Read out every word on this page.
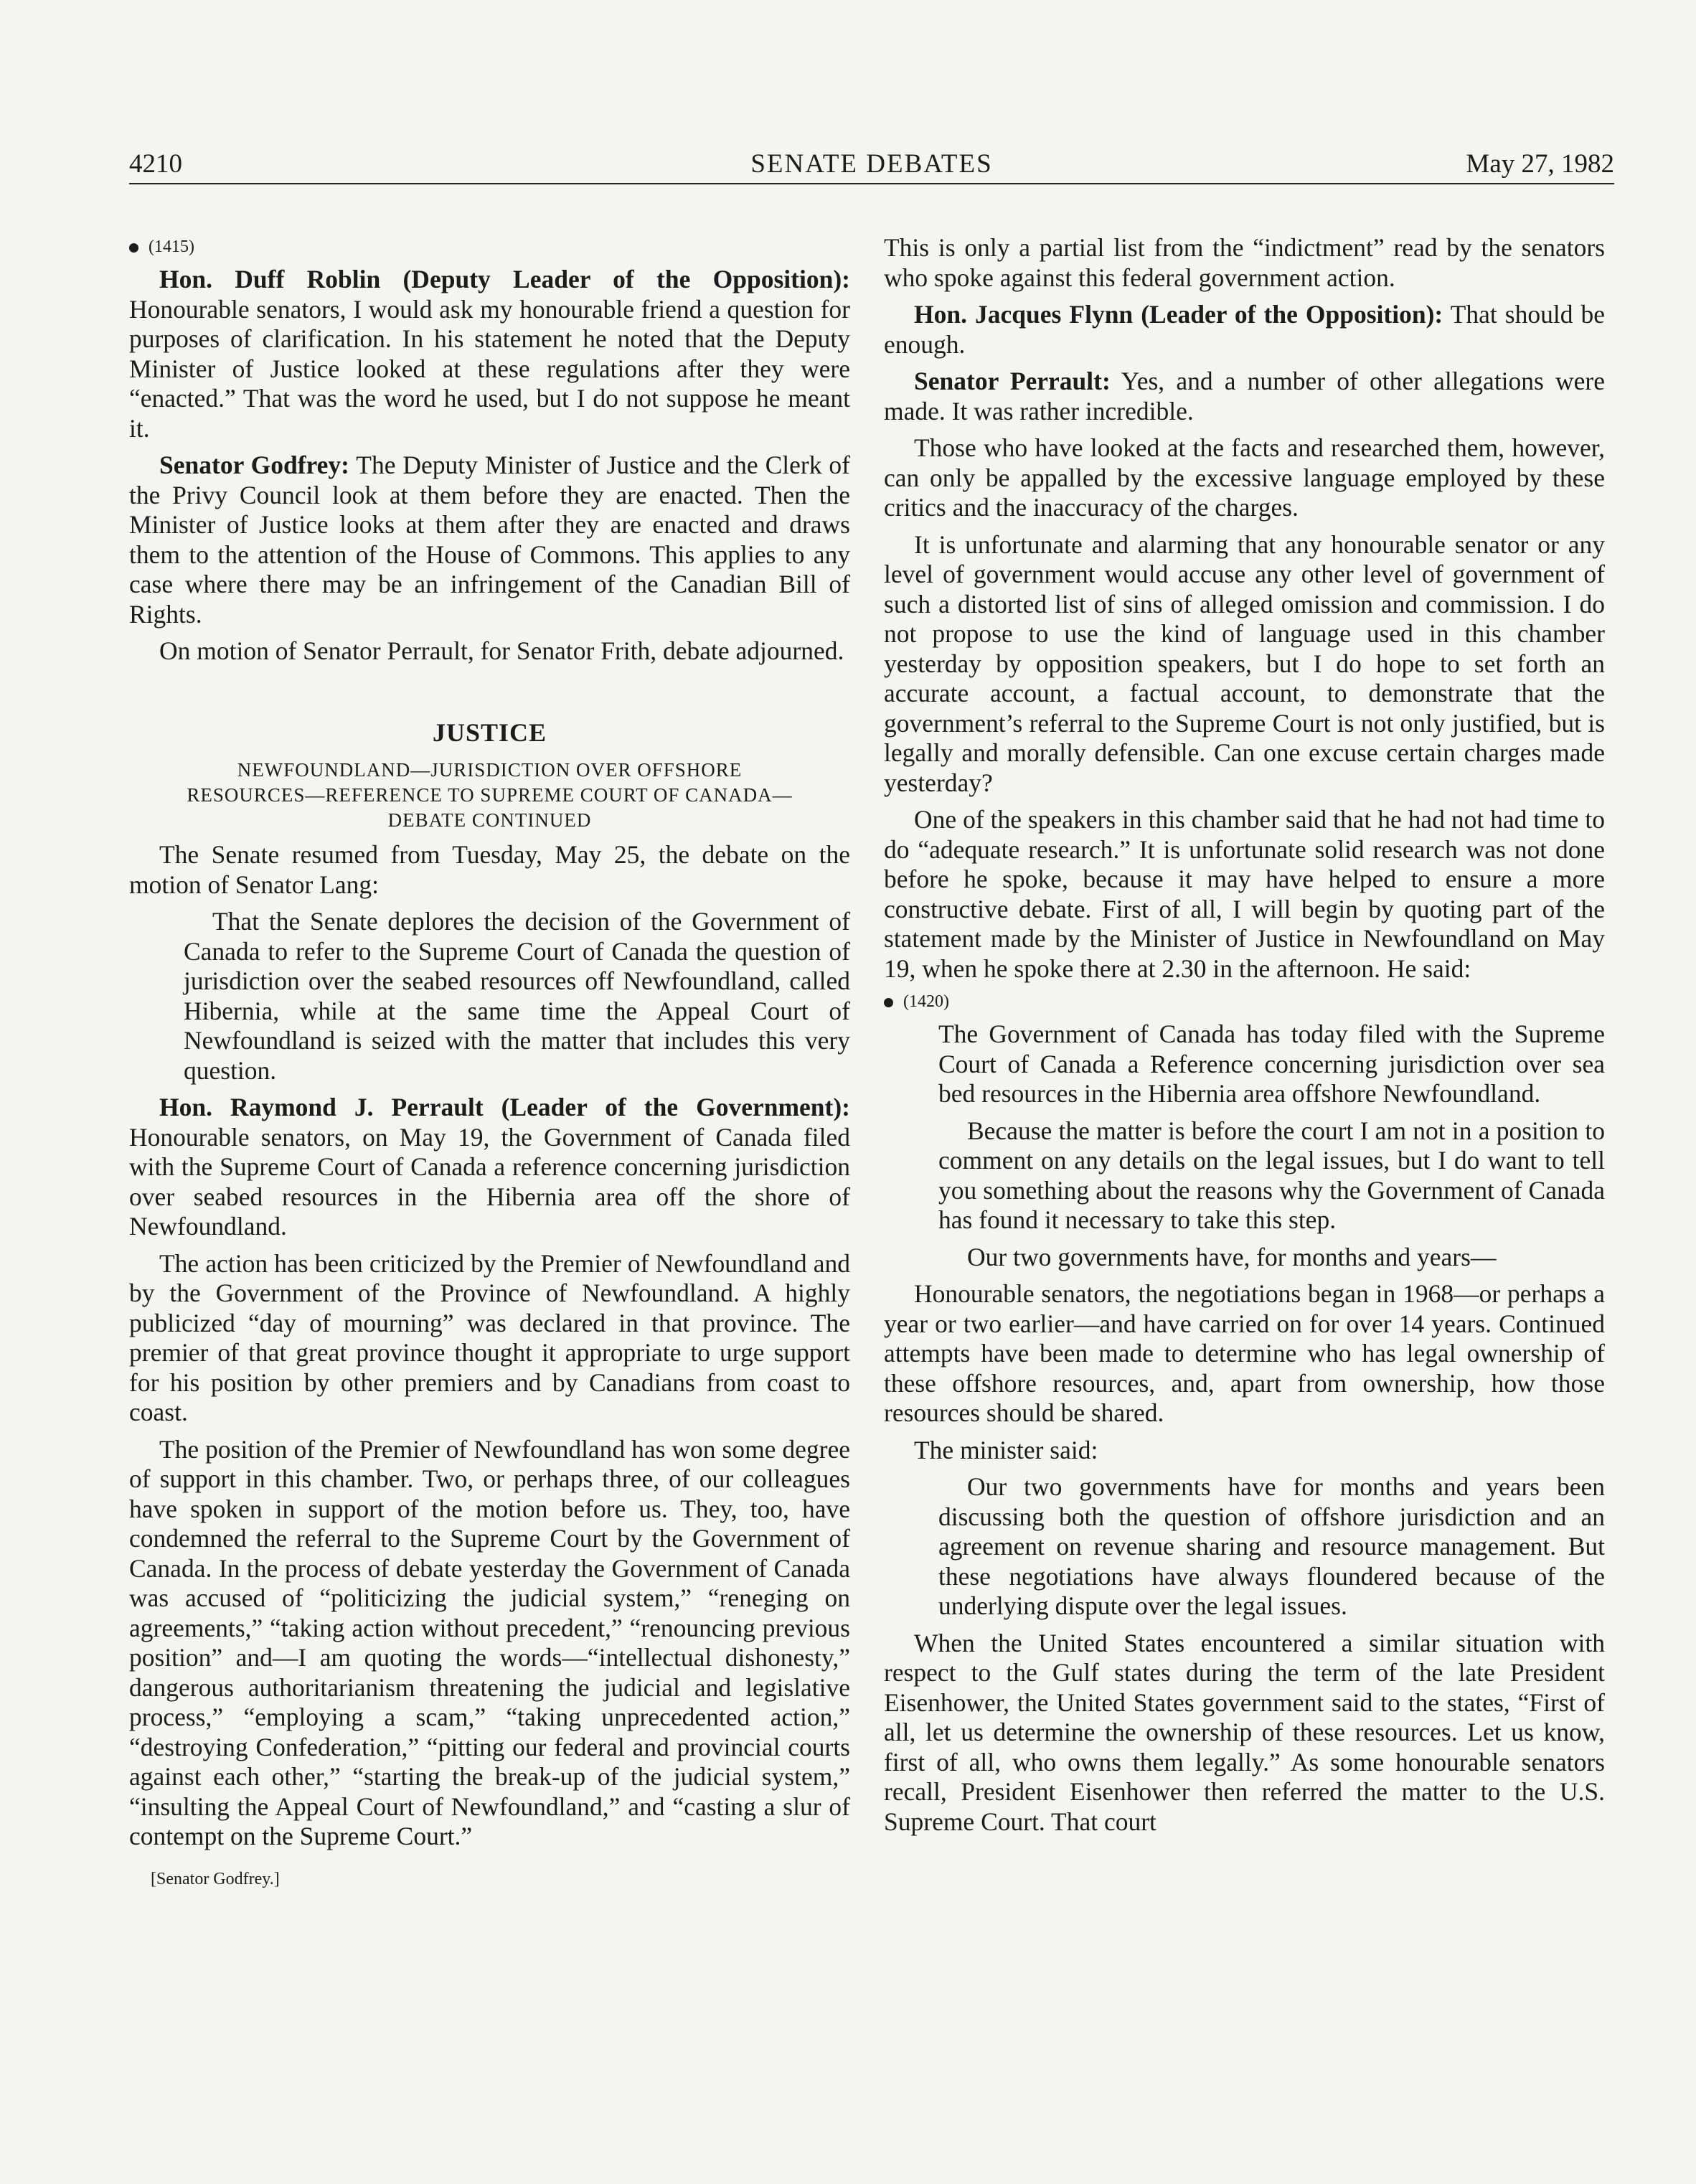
4210	SENATE DEBATES	May 27, 1982
(1415)

Hon. Duff Roblin (Deputy Leader of the Opposition): Honourable senators, I would ask my honourable friend a question for purposes of clarification. In his statement he noted that the Deputy Minister of Justice looked at these regulations after they were “enacted.” That was the word he used, but I do not suppose he meant it.

Senator Godfrey: The Deputy Minister of Justice and the Clerk of the Privy Council look at them before they are enacted. Then the Minister of Justice looks at them after they are enacted and draws them to the attention of the House of Commons. This applies to any case where there may be an infringement of the Canadian Bill of Rights.

On motion of Senator Perrault, for Senator Frith, debate adjourned.

JUSTICE
NEWFOUNDLAND—JURISDICTION OVER OFFSHORE
RESOURCES—REFERENCE TO SUPREME COURT OF CANADA—
DEBATE CONTINUED

The Senate resumed from Tuesday, May 25, the debate on the motion of Senator Lang:

That the Senate deplores the decision of the Government of Canada to refer to the Supreme Court of Canada the question of jurisdiction over the seabed resources off Newfoundland, called Hibernia, while at the same time the Appeal Court of Newfoundland is seized with the matter that includes this very question.

Hon. Raymond J. Perrault (Leader of the Government): Honourable senators, on May 19, the Government of Canada filed with the Supreme Court of Canada a reference concerning jurisdiction over seabed resources in the Hibernia area off the shore of Newfoundland.

The action has been criticized by the Premier of Newfoundland and by the Government of the Province of Newfoundland. A highly publicized “day of mourning” was declared in that province. The premier of that great province thought it appropriate to urge support for his position by other premiers and by Canadians from coast to coast.

The position of the Premier of Newfoundland has won some degree of support in this chamber. Two, or perhaps three, of our colleagues have spoken in support of the motion before us. They, too, have condemned the referral to the Supreme Court by the Government of Canada. In the process of debate yesterday the Government of Canada was accused of “politicizing the judicial system,” “reneging on agreements,” “taking action without precedent,” “renouncing previous position” and—I am quoting the words—“intellectual dishonesty,” dangerous authoritarianism threatening the judicial and legislative process,” “employing a scam,” “taking unprecedented action,” “destroying Confederation,” “pitting our federal and provincial courts against each other,” “starting the break-up of the judicial system,” “insulting the Appeal Court of Newfoundland,” and “casting a slur of contempt on the Supreme Court.”

[Senator Godfrey.]

This is only a partial list from the “indictment” read by the senators who spoke against this federal government action.

Hon. Jacques Flynn (Leader of the Opposition): That should be enough.

Senator Perrault: Yes, and a number of other allegations were made. It was rather incredible.

Those who have looked at the facts and researched them, however, can only be appalled by the excessive language employed by these critics and the inaccuracy of the charges.

It is unfortunate and alarming that any honourable senator or any level of government would accuse any other level of government of such a distorted list of sins of alleged omission and commission. I do not propose to use the kind of language used in this chamber yesterday by opposition speakers, but I do hope to set forth an accurate account, a factual account, to demonstrate that the government’s referral to the Supreme Court is not only justified, but is legally and morally defensible. Can one excuse certain charges made yesterday?

One of the speakers in this chamber said that he had not had time to do “adequate research.” It is unfortunate solid research was not done before he spoke, because it may have helped to ensure a more constructive debate. First of all, I will begin by quoting part of the statement made by the Minister of Justice in Newfoundland on May 19, when he spoke there at 2.30 in the afternoon. He said:

(1420)

The Government of Canada has today filed with the Supreme Court of Canada a Reference concerning jurisdiction over sea bed resources in the Hibernia area offshore Newfoundland.

Because the matter is before the court I am not in a position to comment on any details on the legal issues, but I do want to tell you something about the reasons why the Government of Canada has found it necessary to take this step.

Our two governments have, for months and years—

Honourable senators, the negotiations began in 1968—or perhaps a year or two earlier—and have carried on for over 14 years. Continued attempts have been made to determine who has legal ownership of these offshore resources, and, apart from ownership, how those resources should be shared.

The minister said:

Our two governments have for months and years been discussing both the question of offshore jurisdiction and an agreement on revenue sharing and resource management. But these negotiations have always floundered because of the underlying dispute over the legal issues.

When the United States encountered a similar situation with respect to the Gulf states during the term of the late President Eisenhower, the United States government said to the states, “First of all, let us determine the ownership of these resources. Let us know, first of all, who owns them legally.” As some honourable senators recall, President Eisenhower then referred the matter to the U.S. Supreme Court. That court
